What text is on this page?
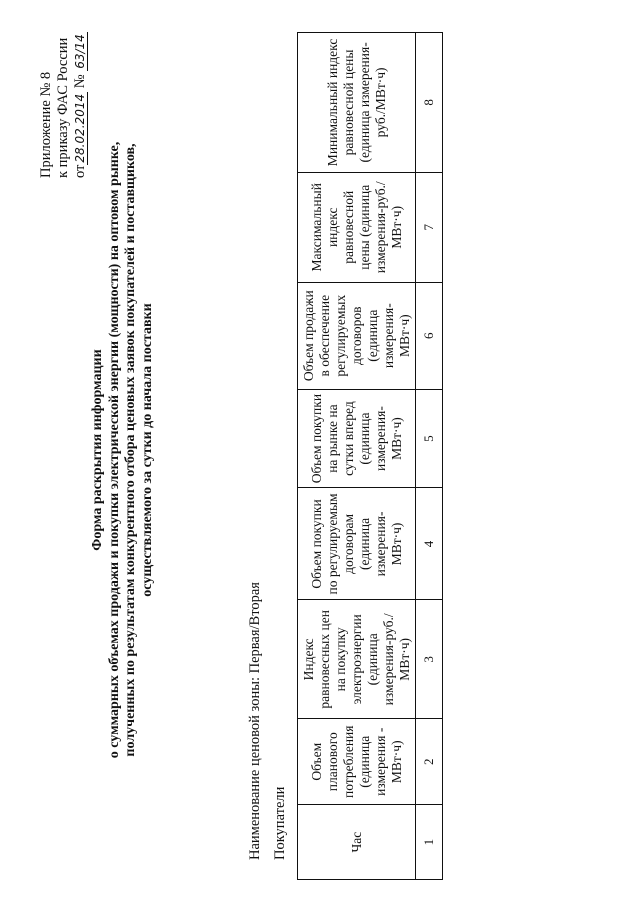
Приложение № 8 к приказу ФАС России от28.02.2014 № 63/14
Форма раскрытия информации о суммарных объемах продажи и покупки электрической энергии (мощности) на оптовом рынке, полученных по результатам конкурентного отбора ценовых заявок покупателей и поставщиков, осуществляемого за сутки до начала поставки
Наименование ценовой зоны: Первая/Вторая Покупатели	Час	Объем планового потребления (единица измерения - МВт·ч)	Индекс равновесных цен на покупку электроэнергии (единица измерения-руб./МВт·ч)	Объем покупки по регулируемым договорам (единица измерения-МВт·ч)	Объем покупки на рынке на сутки вперед (единица измерения-МВт·ч)	Объем продажи в обеспечение регулируемых договоров (единица измерения-МВт·ч)	Максимальный индекс равновесной цены (единица измерения-руб./МВт·ч)	Минимальный индекс равновесной цены (единица измерения-руб./МВт·ч)
1	2	3	4	5	6	7	8
